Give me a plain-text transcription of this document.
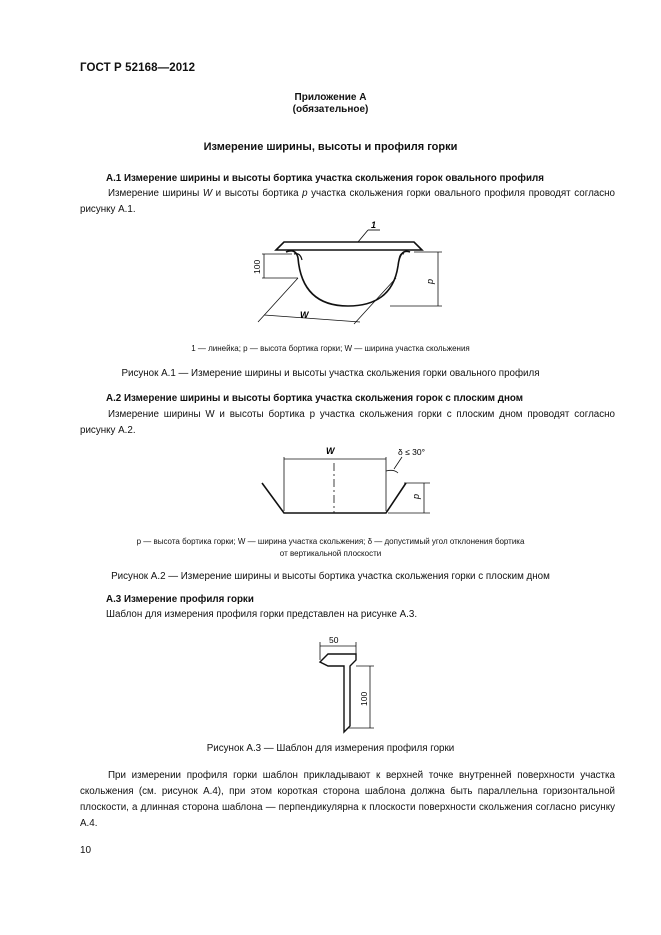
ГОСТ Р 52168—2012
Приложение А
(обязательное)
Измерение ширины, высоты и профиля горки
А.1 Измерение ширины и высоты бортика участка скольжения горок овального профиля
Измерение ширины W и высоты бортика p участка скольжения горки овального профиля проводят согласно рисунку А.1.
1
100
p
W
1 — линейка; p — высота бортика горки; W — ширина участка скольжения
Рисунок А.1 — Измерение ширины и высоты участка скольжения горки овального профиля
А.2 Измерение ширины и высоты бортика участка скольжения горок с плоским дном
Измерение ширины W и высоты бортика p участка скольжения горки с плоским дном проводят согласно рисунку А.2.
W	δ ≤ 30°
p
p — высота бортика горки; W — ширина участка скольжения; δ — допустимый угол отклонения бортика
от вертикальной плоскости
Рисунок А.2 — Измерение ширины и высоты бортика участка скольжения горки с плоским дном
А.3 Измерение профиля горки
Шаблон для измерения профиля горки представлен на рисунке А.3.
50
100
Рисунок А.3 — Шаблон для измерения профиля горки
При измерении профиля горки шаблон прикладывают к верхней точке внутренней поверхности участка скольжения (см. рисунок А.4), при этом короткая сторона шаблона должна быть параллельна горизонтальной плоскости, а длинная сторона шаблона — перпендикулярна к плоскости поверхности скольжения согласно рисунку А.4.
10
